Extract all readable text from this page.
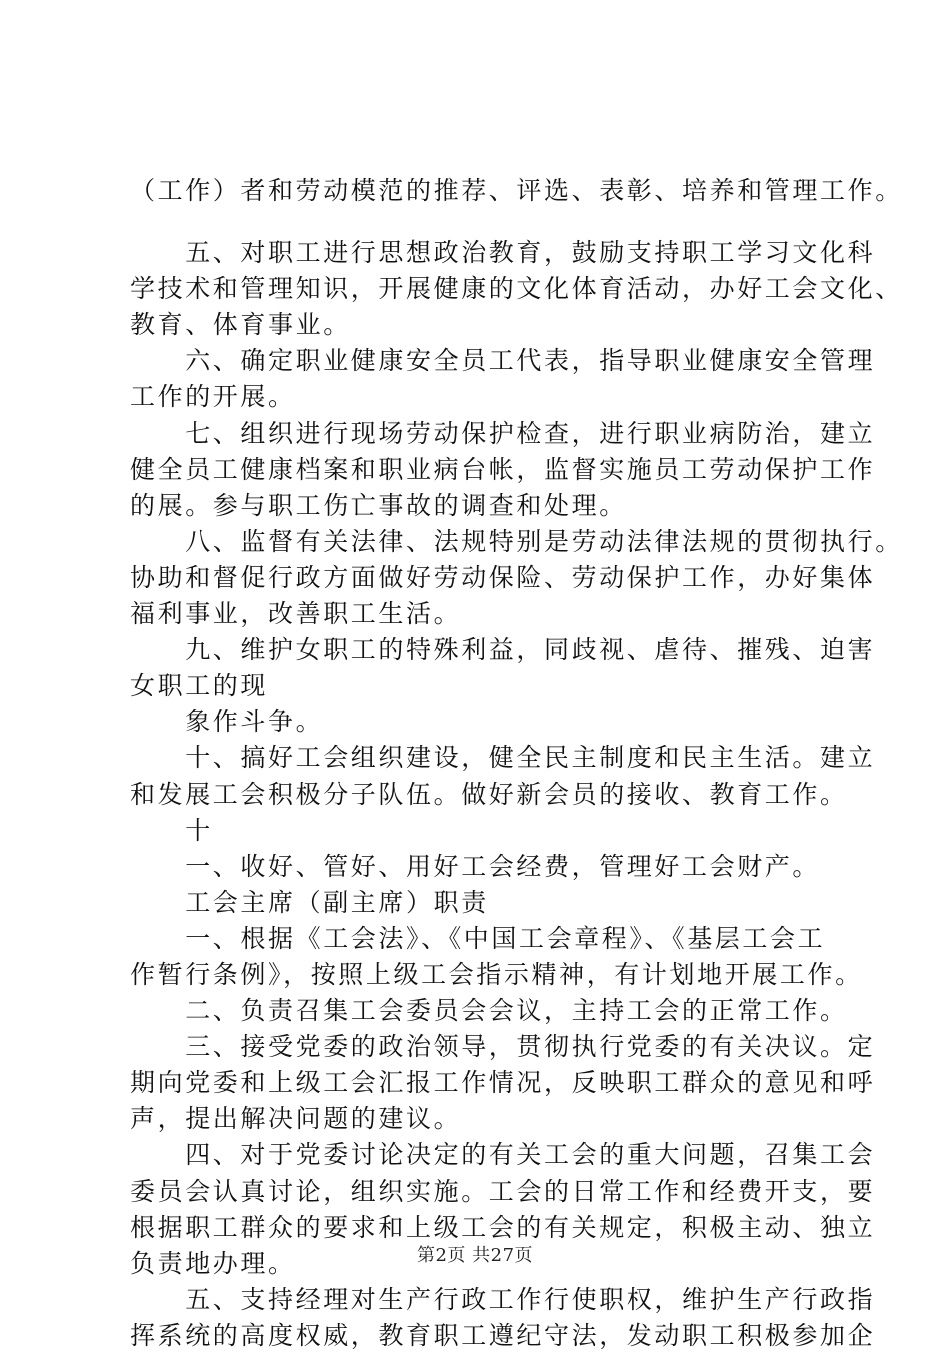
（工作）者和劳动模范的推荐、评选、表彰、培养和管理工作。
　　五、对职工进行思想政治教育，鼓励支持职工学习文化科
学技术和管理知识，开展健康的文化体育活动，办好工会文化、
教育、体育事业。
　　六、确定职业健康安全员工代表，指导职业健康安全管理
工作的开展。
　　七、组织进行现场劳动保护检查，进行职业病防治，建立
健全员工健康档案和职业病台帐，监督实施员工劳动保护工作
的展。参与职工伤亡事故的调查和处理。
　　八、监督有关法律、法规特别是劳动法律法规的贯彻执行。
协助和督促行政方面做好劳动保险、劳动保护工作，办好集体
福利事业，改善职工生活。
　　九、维护女职工的特殊利益，同歧视、虐待、摧残、迫害
女职工的现
　　象作斗争。
　　十、搞好工会组织建设，健全民主制度和民主生活。建立
和发展工会积极分子队伍。做好新会员的接收、教育工作。
　　十
　　一、收好、管好、用好工会经费，管理好工会财产。
　　工会主席（副主席）职责
　　一、根据《工会法》、《中国工会章程》、《基层工会工
作暂行条例》，按照上级工会指示精神，有计划地开展工作。
　　二、负责召集工会委员会会议，主持工会的正常工作。
　　三、接受党委的政治领导，贯彻执行党委的有关决议。定
期向党委和上级工会汇报工作情况，反映职工群众的意见和呼
声，提出解决问题的建议。
　　四、对于党委讨论决定的有关工会的重大问题，召集工会
委员会认真讨论，组织实施。工会的日常工作和经费开支，要
根据职工群众的要求和上级工会的有关规定，积极主动、独立
负责地办理。
　　五、支持经理对生产行政工作行使职权，维护生产行政指
挥系统的高度权威，教育职工遵纪守法，发动职工积极参加企
第2页 共27页
